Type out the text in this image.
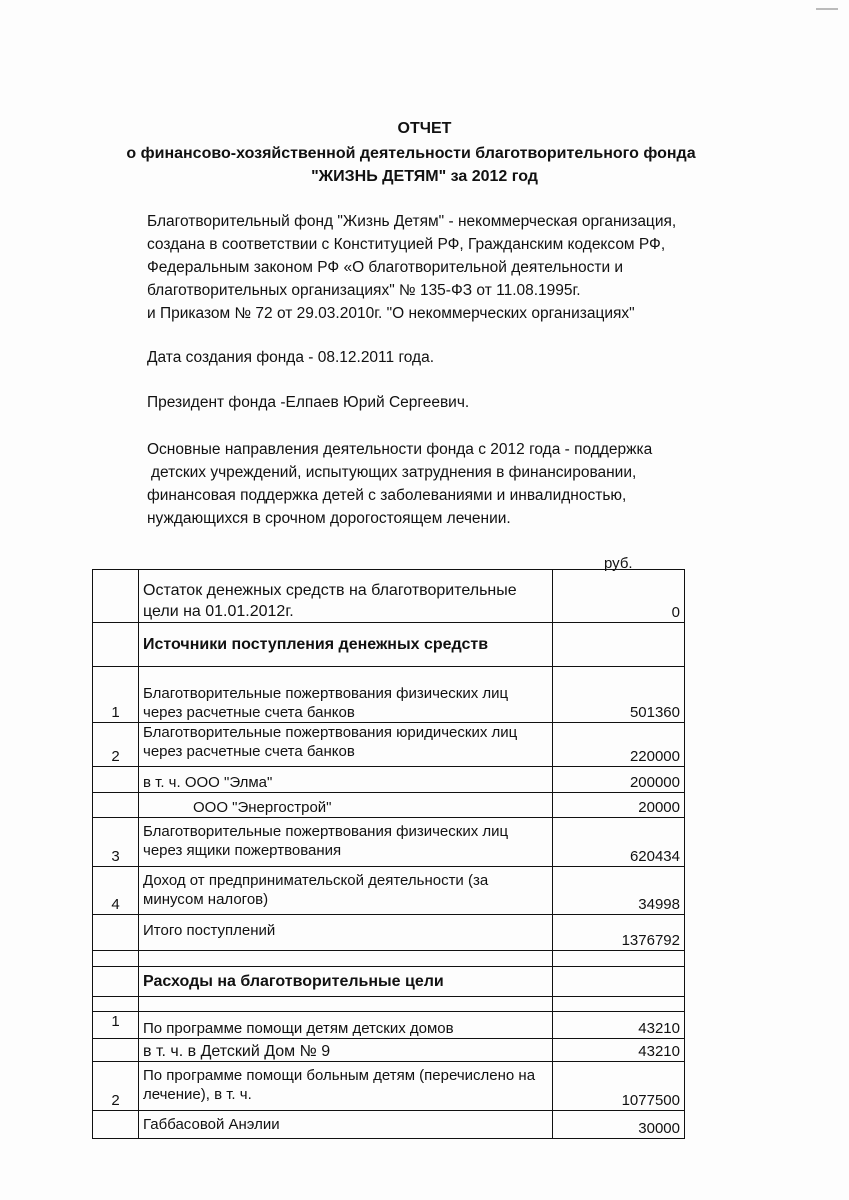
ОТЧЕТ
о финансово-хозяйственной деятельности благотворительного фонда
"ЖИЗНЬ ДЕТЯМ" за 2012 год
Благотворительный фонд "Жизнь Детям" - некоммерческая организация,
создана в соответствии с Конституцией РФ, Гражданским кодексом РФ,
Федеральным законом РФ «О благотворительной деятельности и
благотворительных организациях" № 135-ФЗ от 11.08.1995г.
и Приказом № 72 от 29.03.2010г. "О некоммерческих организациях"
Дата создания фонда - 08.12.2011 года.
Президент фонда -Елпаев Юрий Сергеевич.
Основные направления деятельности фонда с 2012 года - поддержка
детских учреждений, испытующих затруднения в финансировании,
финансовая поддержка детей с заболеваниями и инвалидностью,
нуждающихся в срочном дорогостоящем лечении.
руб.
	Остаток денежных средств на благотворительные цели на 01.01.2012г.	0
	Источники поступления денежных средств	
1	Благотворительные пожертвования физических лиц через расчетные счета банков	501360
2	Благотворительные пожертвования юридических лиц через расчетные счета банков	220000
	в т. ч. ООО "Элма"	200000
	ООО "Энергострой"	20000
3	Благотворительные пожертвования физических лиц через ящики пожертвования	620434
4	Доход от предпринимательской деятельности (за минусом налогов)	34998
	Итого поступлений	1376792

	Расходы на благотворительные цели	

1	По программе помощи детям детских домов	43210
	в т. ч. в Детский Дом № 9	43210
2	По программе помощи больным детям (перечислено на лечение), в т. ч.	1077500
	Габбасовой Анэлии	30000
